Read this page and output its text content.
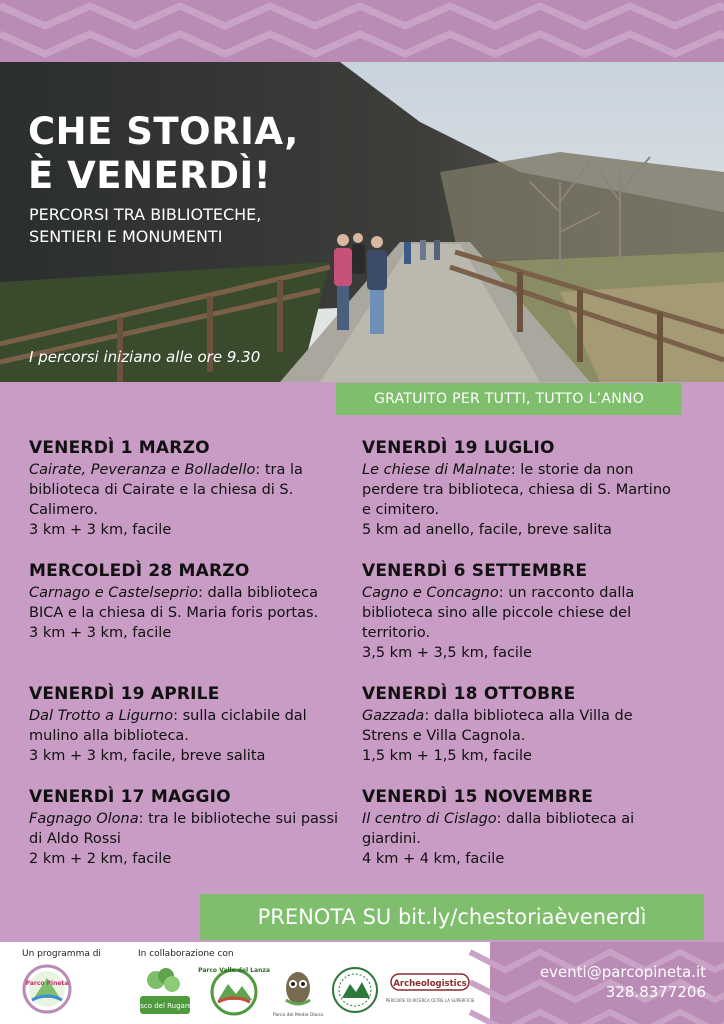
CHE STORIA,
È VENERDÌ!
PERCORSI TRA BIBLIOTECHE,
SENTIERI E MONUMENTI
I percorsi iniziano alle ore 9.30
GRATUITO PER TUTTI, TUTTO L’ANNO
VENERDÌ 1 MARZO
Cairate, Peveranza e Bolladello: tra la biblioteca di Cairate e la chiesa di S. Calimero.
3 km + 3 km, facile
MERCOLEDÌ 28 MARZO
Carnago e Castelseprio: dalla biblioteca BICA e la chiesa di S. Maria foris portas.
3 km + 3 km, facile
VENERDÌ 19 APRILE
Dal Trotto a Ligurno: sulla ciclabile dal mulino alla biblioteca.
3 km + 3 km, facile, breve salita
VENERDÌ 17 MAGGIO
Fagnago Olona: tra le biblioteche sui passi di Aldo Rossi
2 km + 2 km, facile
VENERDÌ 19 LUGLIO
Le chiese di Malnate: le storie da non perdere tra biblioteca, chiesa di S. Martino e cimitero.
5 km ad anello, facile, breve salita
VENERDÌ 6 SETTEMBRE
Cagno e Concagno: un racconto dalla biblioteca sino alle piccole chiese del territorio.
3,5 km + 3,5 km, facile
VENERDÌ 18 OTTOBRE
Gazzada: dalla biblioteca alla Villa de Strens e Villa Cagnola.
1,5 km + 1,5 km, facile
VENERDÌ 15 NOVEMBRE
Il centro di Cislago: dalla biblioteca ai giardini.
4 km + 4 km, facile
PRENOTA SU bit.ly/chestoriaèvenerdì
Un programma di	In collaborazione con
Parco Pineta
Bosco del Rugareto
Parco Valle del Lanza
Parco del Medio Olona
Archeologistics
PERCORSI DI RICERCA OLTRE LA SUPERFICIE
eventi@parcopineta.it
328.8377206
